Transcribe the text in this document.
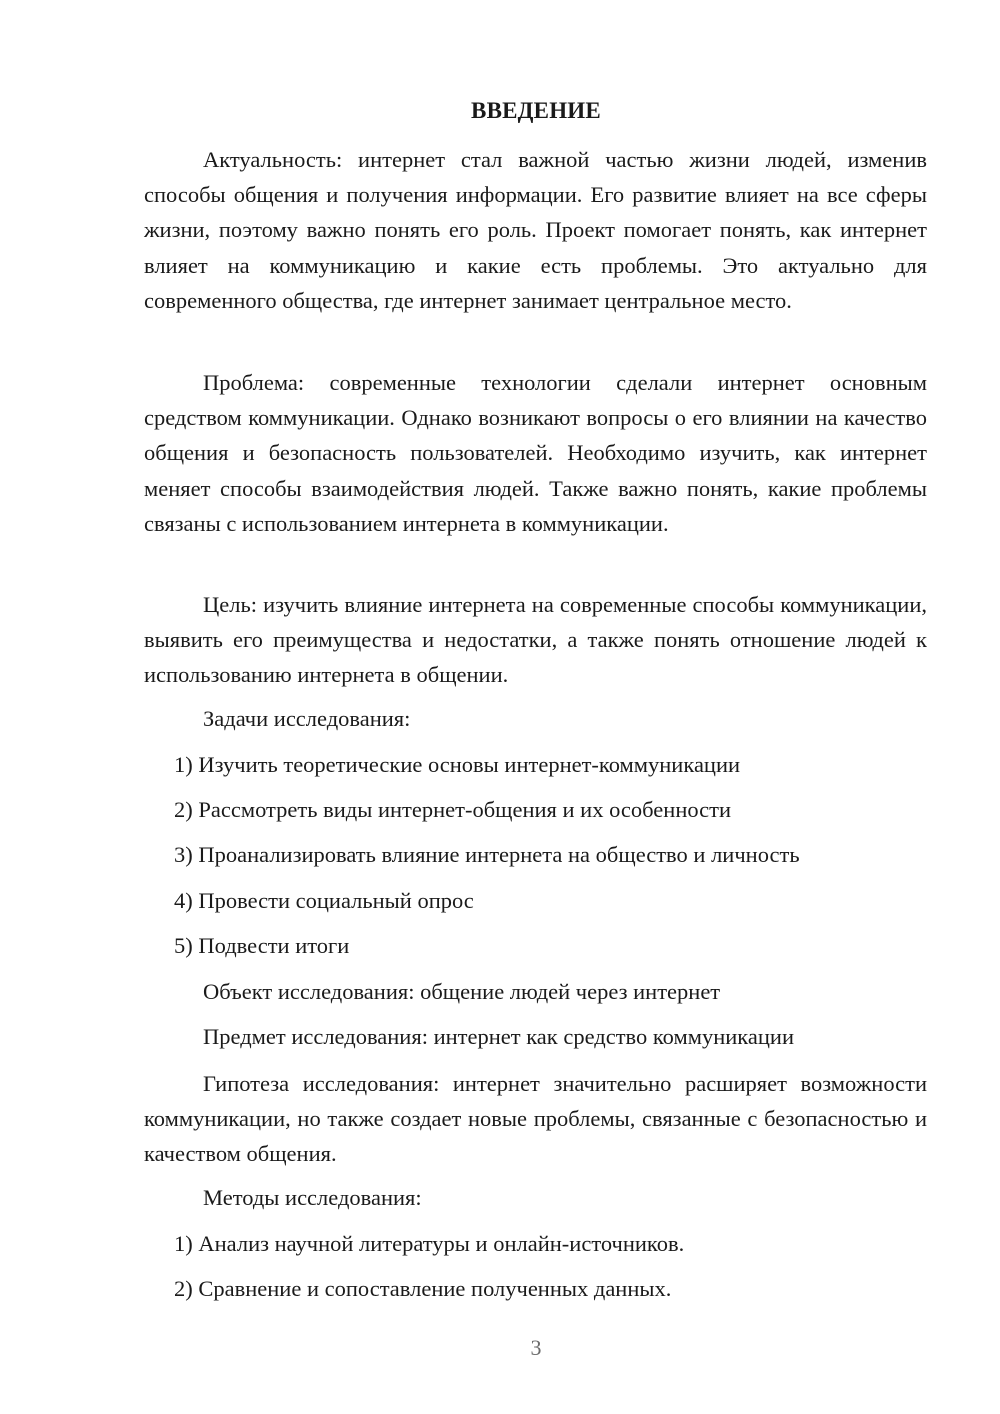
ВВЕДЕНИЕ

Актуальность: интернет стал важной частью жизни людей, изменив способы общения и получения информации. Его развитие влияет на все сферы жизни, поэтому важно понять его роль. Проект помогает понять, как интернет влияет на коммуникацию и какие есть проблемы. Это актуально для современного общества, где интернет занимает центральное место.

Проблема: современные технологии сделали интернет основным средством коммуникации. Однако возникают вопросы о его влиянии на качество общения и безопасность пользователей. Необходимо изучить, как интернет меняет способы взаимодействия людей. Также важно понять, какие проблемы связаны с использованием интернета в коммуникации.

Цель: изучить влияние интернета на современные способы коммуникации, выявить его преимущества и недостатки, а также понять отношение людей к использованию интернета в общении.

Задачи исследования:

1) Изучить теоретические основы интернет-коммуникации

2) Рассмотреть виды интернет-общения и их особенности

3) Проанализировать влияние интернета на общество и личность

4) Провести социальный опрос

5) Подвести итоги

Объект исследования: общение людей через интернет

Предмет исследования: интернет как средство коммуникации

Гипотеза исследования: интернет значительно расширяет возможности коммуникации, но также создает новые проблемы, связанные с безопасностью и качеством общения.

Методы исследования:

1) Анализ научной литературы и онлайн-источников.

2) Сравнение и сопоставление полученных данных.

3
